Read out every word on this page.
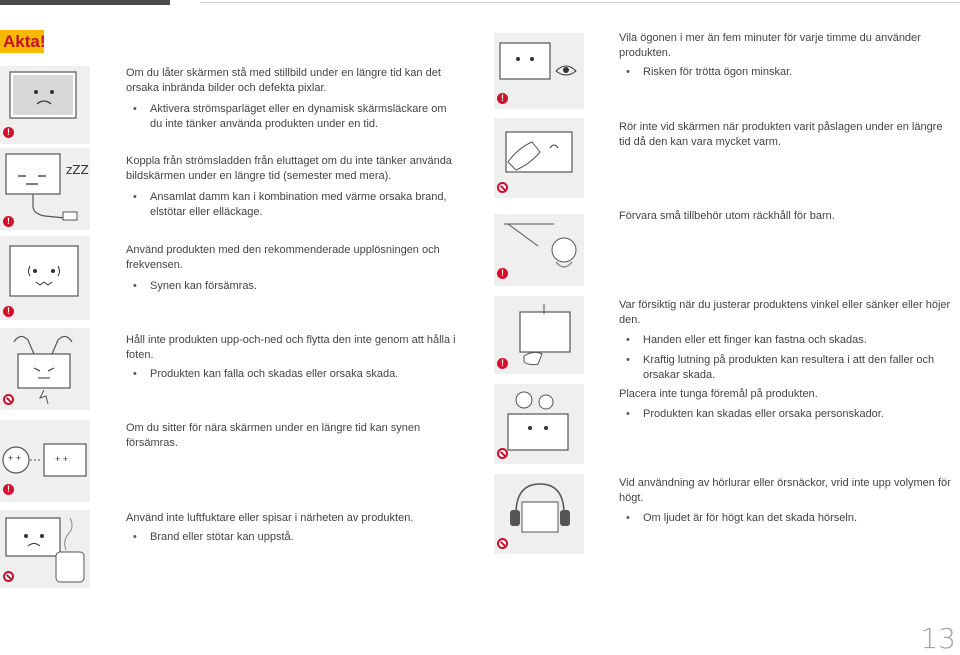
Akta!
!
zZZ
!
!
+ +	+ +
!
Om du låter skärmen stå med stillbild under en längre tid kan det orsaka inbrända bilder och defekta pixlar.
• Aktivera strömsparläget eller en dynamisk skärmsläckare om du inte tänker använda produkten under en tid.
Koppla från strömsladden från eluttaget om du inte tänker använda bildskärmen under en längre tid (semester med mera).
• Ansamlat damm kan i kombination med värme orsaka brand, elstötar eller elläckage.
Använd produkten med den rekommenderade upplösningen och frekvensen.
• Synen kan försämras.
Håll inte produkten upp-och-ned och flytta den inte genom att hålla i foten.
• Produkten kan falla och skadas eller orsaka skada.
Om du sitter för nära skärmen under en längre tid kan synen försämras.
Använd inte luftfuktare eller spisar i närheten av produkten.
• Brand eller stötar kan uppstå.
!
!
!
Vila ögonen i mer än fem minuter för varje timme du använder produkten.
• Risken för trötta ögon minskar.
Rör inte vid skärmen när produkten varit påslagen under en längre tid då den kan vara mycket varm.
Förvara små tillbehör utom räckhåll för barn.
Var försiktig när du justerar produktens vinkel eller sänker eller höjer den.
• Handen eller ett finger kan fastna och skadas.
• Kraftig lutning på produkten kan resultera i att den faller och orsakar skada.
Placera inte tunga föremål på produkten.
• Produkten kan skadas eller orsaka personskador.
Vid användning av hörlurar eller örsnäckor, vrid inte upp volymen för högt.
• Om ljudet är för högt kan det skada hörseln.
13
